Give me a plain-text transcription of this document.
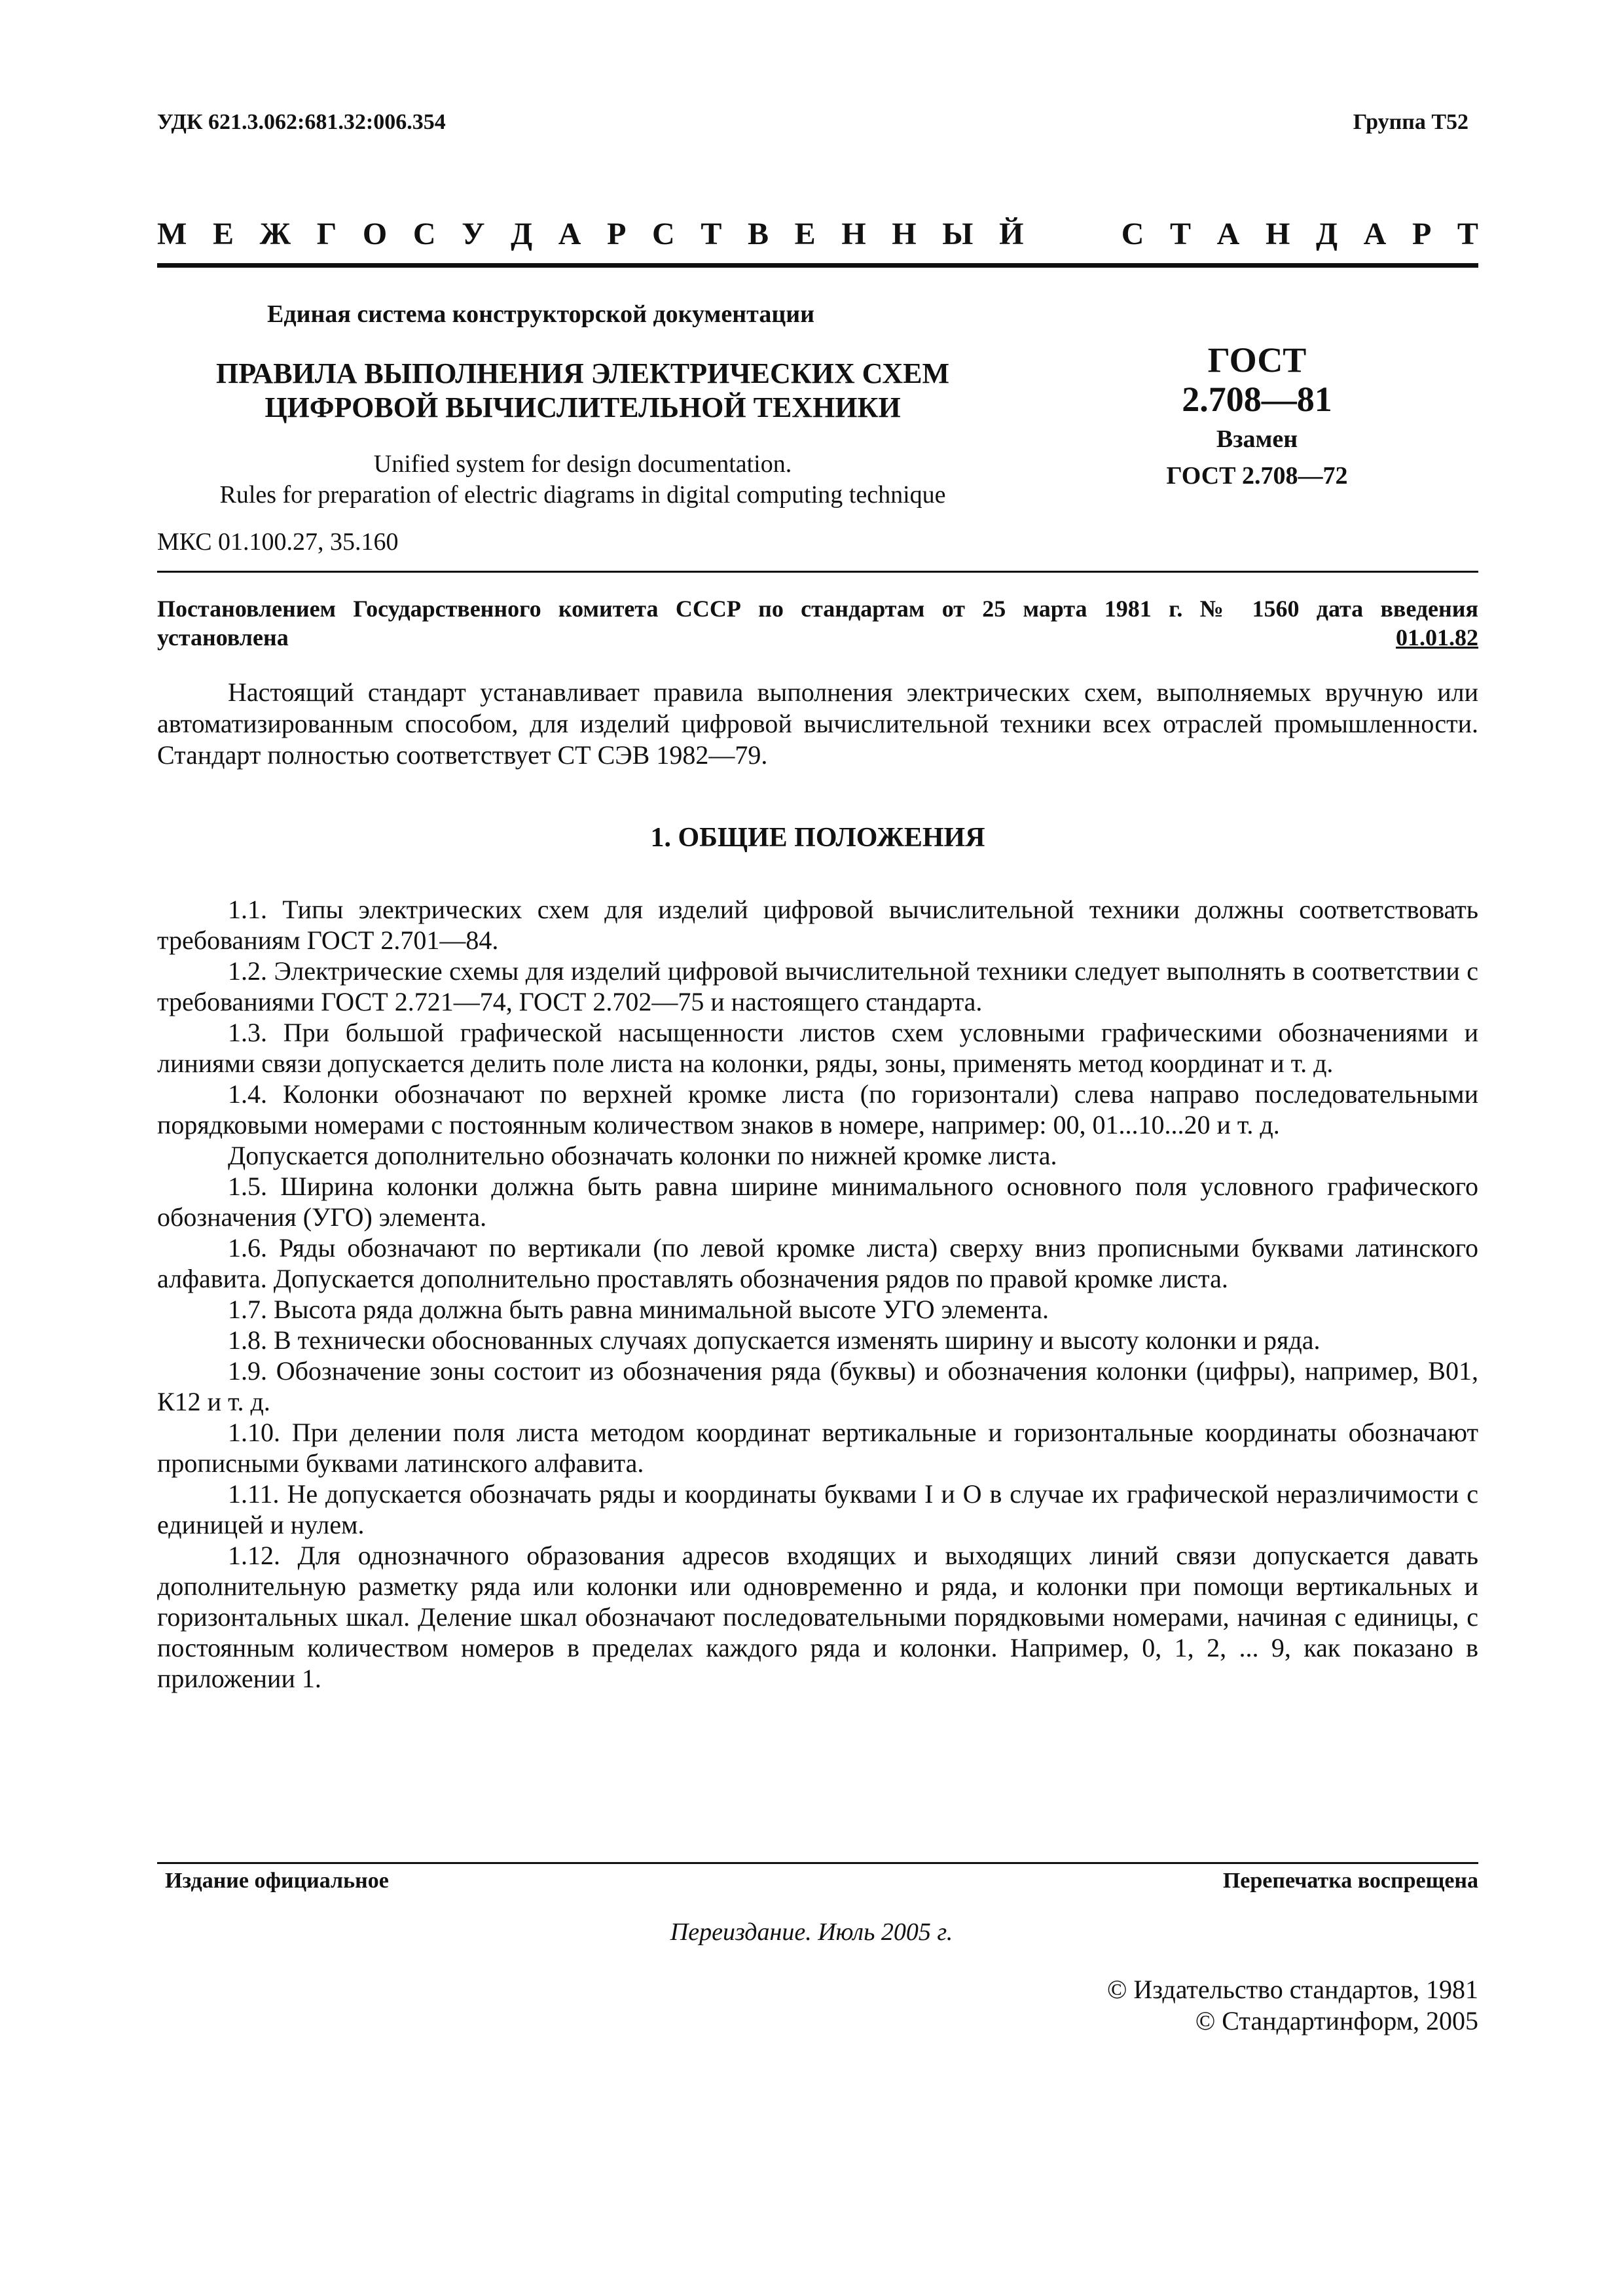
УДК 621.3.062:681.32:006.354	Группа Т52
М Е Ж Г О С У Д А Р С Т В Е Н Н Ы Й	С Т А Н Д А Р Т
Единая система конструкторской документации
ПРАВИЛА ВЫПОЛНЕНИЯ ЭЛЕКТРИЧЕСКИХ СХЕМ
ЦИФРОВОЙ ВЫЧИСЛИТЕЛЬНОЙ ТЕХНИКИ
Unified system for design documentation.
Rules for preparation of electric diagrams in digital computing technique
МКС 01.100.27, 35.160
ГОСТ
2.708—81
Взамен
ГОСТ 2.708—72
Постановлением Государственного комитета СССР по стандартам от 25 марта 1981 г. № 1560 дата введения
установлена	01.01.82
Настоящий стандарт устанавливает правила выполнения электрических схем, выполняемых вручную или автоматизированным способом, для изделий цифровой вычислительной техники всех отраслей промышленности. Стандарт полностью соответствует СТ СЭВ 1982—79.
1. ОБЩИЕ ПОЛОЖЕНИЯ

1.1. Типы электрических схем для изделий цифровой вычислительной техники должны соответствовать требованиям ГОСТ 2.701—84.

1.2. Электрические схемы для изделий цифровой вычислительной техники следует выполнять в соответствии с требованиями ГОСТ 2.721—74, ГОСТ 2.702—75 и настоящего стандарта.

1.3. При большой графической насыщенности листов схем условными графическими обозначениями и линиями связи допускается делить поле листа на колонки, ряды, зоны, применять метод координат и т. д.

1.4. Колонки обозначают по верхней кромке листа (по горизонтали) слева направо последовательными порядковыми номерами с постоянным количеством знаков в номере, например: 00, 01...10...20 и т. д.

Допускается дополнительно обозначать колонки по нижней кромке листа.

1.5. Ширина колонки должна быть равна ширине минимального основного поля условного графического обозначения (УГО) элемента.

1.6. Ряды обозначают по вертикали (по левой кромке листа) сверху вниз прописными буквами латинского алфавита. Допускается дополнительно проставлять обозначения рядов по правой кромке листа.

1.7. Высота ряда должна быть равна минимальной высоте УГО элемента.

1.8. В технически обоснованных случаях допускается изменять ширину и высоту колонки и ряда.

1.9. Обозначение зоны состоит из обозначения ряда (буквы) и обозначения колонки (цифры), например, В01, К12 и т. д.

1.10. При делении поля листа методом координат вертикальные и горизонтальные координаты обозначают прописными буквами латинского алфавита.

1.11. Не допускается обозначать ряды и координаты буквами I и O в случае их графической неразличимости с единицей и нулем.

1.12. Для однозначного образования адресов входящих и выходящих линий связи допускается давать дополнительную разметку ряда или колонки или одновременно и ряда, и колонки при помощи вертикальных и горизонтальных шкал. Деление шкал обозначают последовательными порядковыми номерами, начиная с единицы, с постоянным количеством номеров в пределах каждого ряда и колонки. Например, 0, 1, 2, ... 9, как показано в приложении 1.

Издание официальное	Перепечатка воспрещена
Переиздание. Июль 2005 г.
© Издательство стандартов, 1981
© Стандартинформ, 2005
